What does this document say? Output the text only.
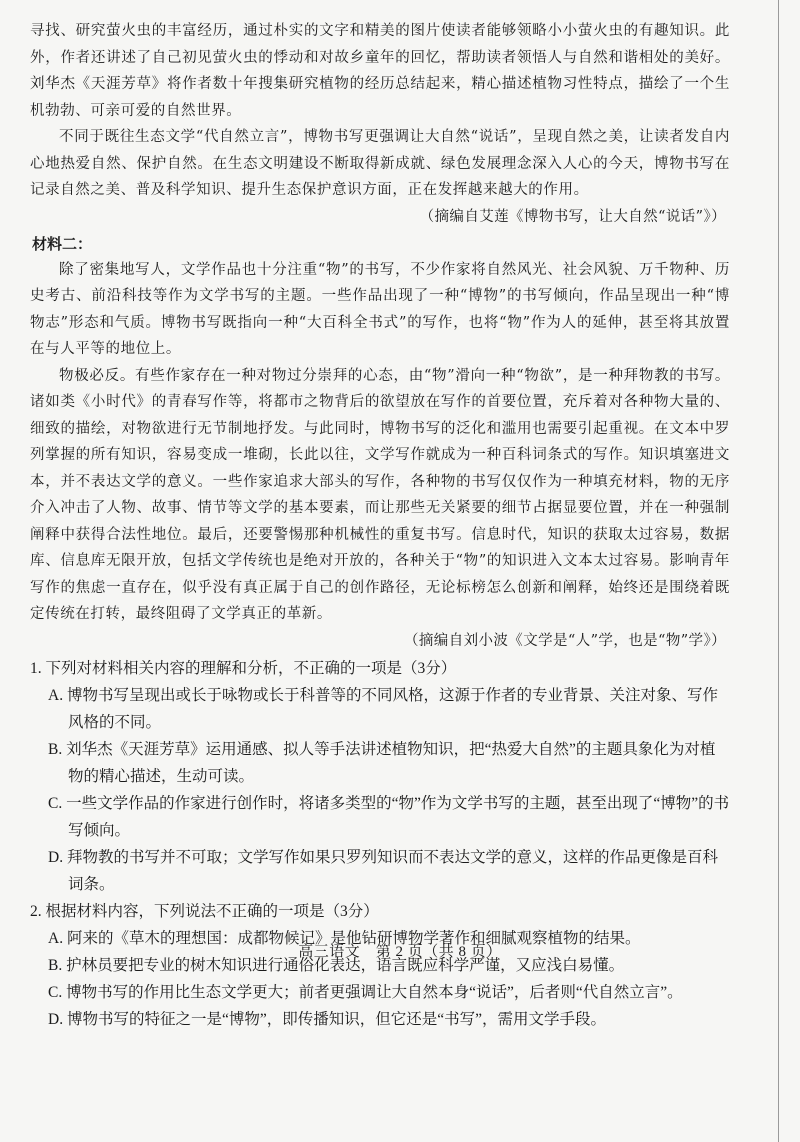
寻找、研究萤火虫的丰富经历，通过朴实的文字和精美的图片使读者能够领略小小萤火虫的有趣知识。此外，作者还讲述了自己初见萤火虫的悸动和对故乡童年的回忆，帮助读者领悟人与自然和谐相处的美好。刘华杰《天涯芳草》将作者数十年搜集研究植物的经历总结起来，精心描述植物习性特点，描绘了一个生机勃勃、可亲可爱的自然世界。

不同于既往生态文学“代自然立言”，博物书写更强调让大自然“说话”，呈现自然之美，让读者发自内心地热爱自然、保护自然。在生态文明建设不断取得新成就、绿色发展理念深入人心的今天，博物书写在记录自然之美、普及科学知识、提升生态保护意识方面，正在发挥越来越大的作用。

（摘编自艾莲《博物书写，让大自然“说话”》）

材料二：

除了密集地写人，文学作品也十分注重“物”的书写，不少作家将自然风光、社会风貌、万千物种、历史考古、前沿科技等作为文学书写的主题。一些作品出现了一种“博物”的书写倾向，作品呈现出一种“博物志”形态和气质。博物书写既指向一种“大百科全书式”的写作，也将“物”作为人的延伸，甚至将其放置在与人平等的地位上。

物极必反。有些作家存在一种对物过分崇拜的心态，由“物”滑向一种“物欲”，是一种拜物教的书写。诸如类《小时代》的青春写作等，将都市之物背后的欲望放在写作的首要位置，充斥着对各种物大量的、细致的描绘，对物欲进行无节制地抒发。与此同时，博物书写的泛化和滥用也需要引起重视。在文本中罗列掌握的所有知识，容易变成一堆砌，长此以往，文学写作就成为一种百科词条式的写作。知识填塞进文本，并不表达文学的意义。一些作家追求大部头的写作，各种物的书写仅仅作为一种填充材料，物的无序介入冲击了人物、故事、情节等文学的基本要素，而让那些无关紧要的细节占据显要位置，并在一种强制阐释中获得合法性地位。最后，还要警惕那种机械性的重复书写。信息时代，知识的获取太过容易，数据库、信息库无限开放，包括文学传统也是绝对开放的，各种关于“物”的知识进入文本太过容易。影响青年写作的焦虑一直存在，似乎没有真正属于自己的创作路径，无论标榜怎么创新和阐释，始终还是围绕着既定传统在打转，最终阻碍了文学真正的革新。

（摘编自刘小波《文学是“人”学，也是“物”学》）

1. 下列对材料相关内容的理解和分析，不正确的一项是（3分）

A. 博物书写呈现出或长于咏物或长于科普等的不同风格，这源于作者的专业背景、关注对象、写作风格的不同。

B. 刘华杰《天涯芳草》运用通感、拟人等手法讲述植物知识，把“热爱大自然”的主题具象化为对植物的精心描述，生动可读。

C. 一些文学作品的作家进行创作时，将诸多类型的“物”作为文学书写的主题，甚至出现了“博物”的书写倾向。

D. 拜物教的书写并不可取；文学写作如果只罗列知识而不表达文学的意义，这样的作品更像是百科词条。

2. 根据材料内容，下列说法不正确的一项是（3分）

A. 阿来的《草木的理想国：成都物候记》是他钻研博物学著作和细腻观察植物的结果。

B. 护林员要把专业的树木知识进行通俗化表达，语言既应科学严谨，又应浅白易懂。

C. 博物书写的作用比生态文学更大；前者更强调让大自然本身“说话”，后者则“代自然立言”。

D. 博物书写的特征之一是“博物”，即传播知识，但它还是“书写”，需用文学手段。

高三语文　第 2 页（共 8 页）
